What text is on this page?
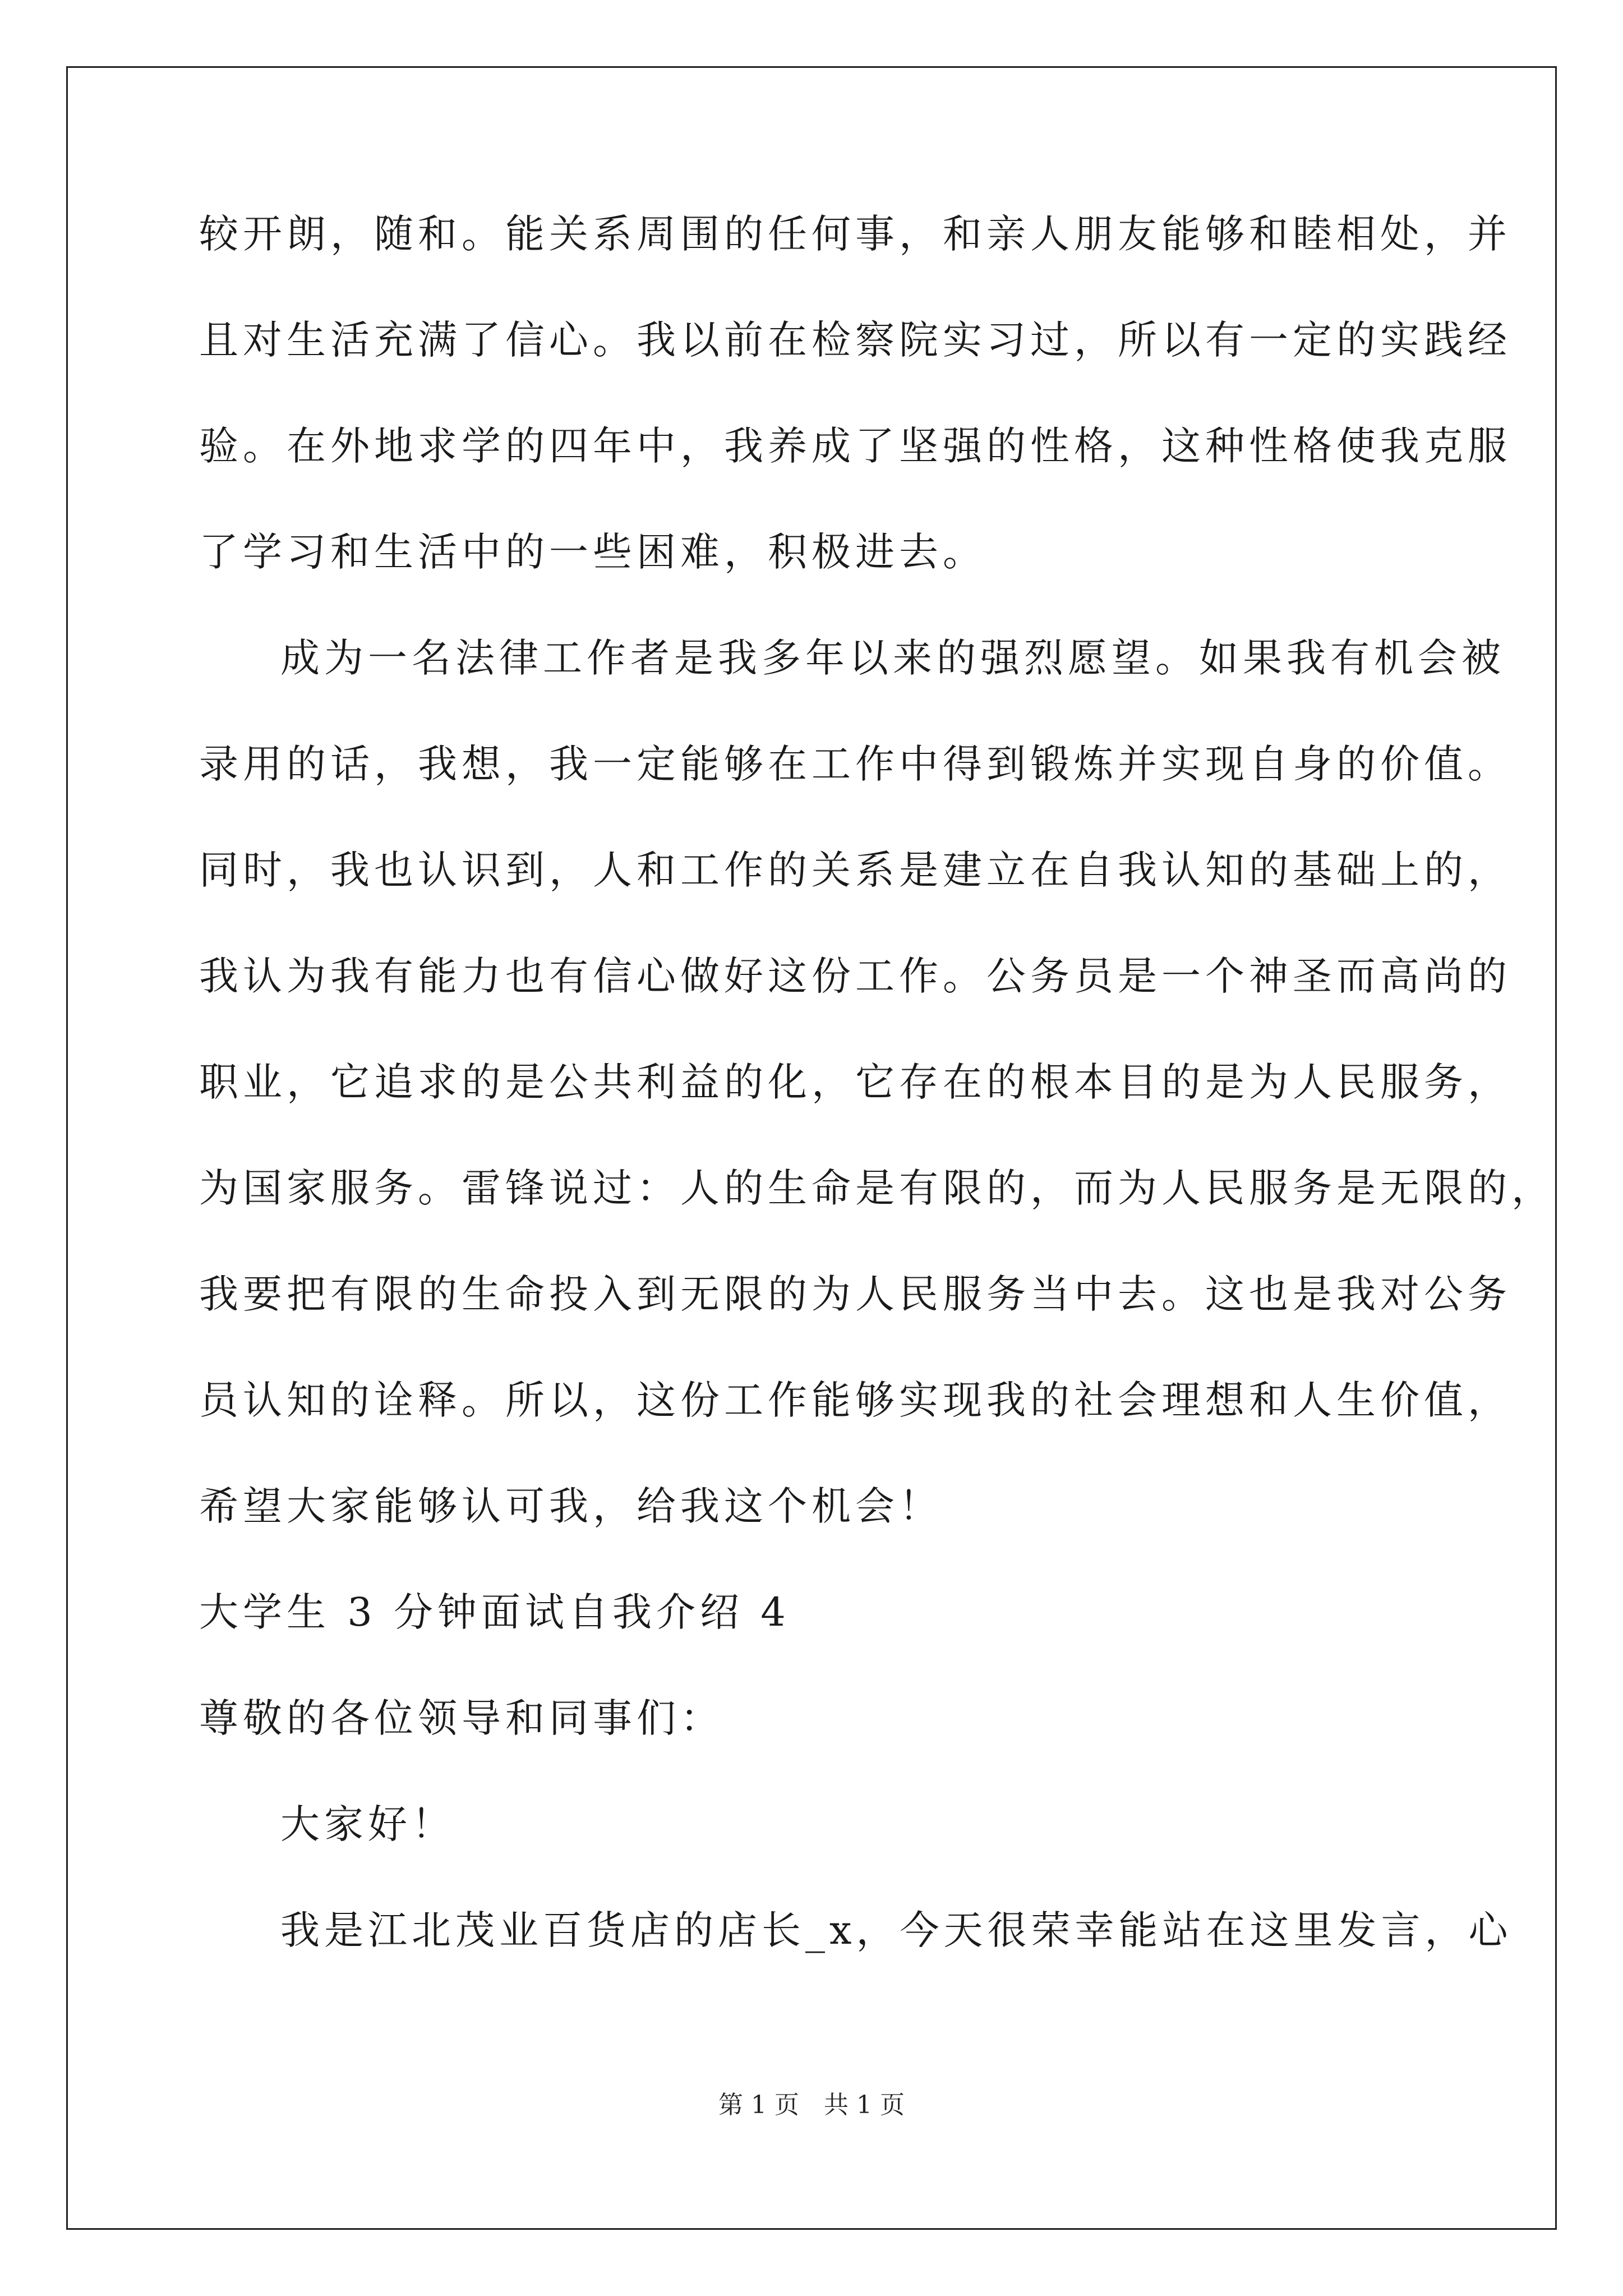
较开朗，随和。能关系周围的任何事，和亲人朋友能够和睦相处，并
且对生活充满了信心。我以前在检察院实习过，所以有一定的实践经
验。在外地求学的四年中，我养成了坚强的性格，这种性格使我克服
了学习和生活中的一些困难，积极进去。
成为一名法律工作者是我多年以来的强烈愿望。如果我有机会被
录用的话，我想，我一定能够在工作中得到锻炼并实现自身的价值。
同时，我也认识到，人和工作的关系是建立在自我认知的基础上的，
我认为我有能力也有信心做好这份工作。公务员是一个神圣而高尚的
职业，它追求的是公共利益的化，它存在的根本目的是为人民服务，
为国家服务。雷锋说过：人的生命是有限的，而为人民服务是无限的，
我要把有限的生命投入到无限的为人民服务当中去。这也是我对公务
员认知的诠释。所以，这份工作能够实现我的社会理想和人生价值，
希望大家能够认可我，给我这个机会！
大学生 3 分钟面试自我介绍 4
尊敬的各位领导和同事们：
大家好！
我是江北茂业百货店的店长_x，今天很荣幸能站在这里发言，心
第 1 页　共 1 页
